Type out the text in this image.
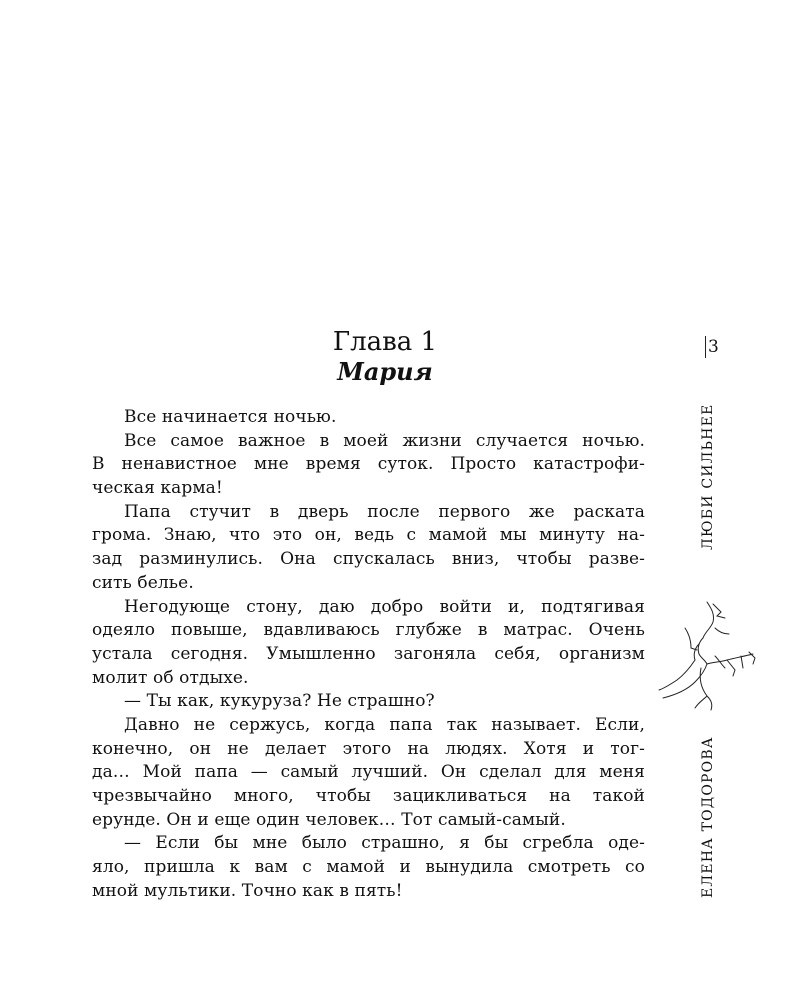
Глава 1
Мария
Все начинается ночью.
Все самое важное в моей жизни случается ночью.
В ненавистное мне время суток. Просто катастрофи-
ческая карма!
Папа стучит в дверь после первого же раската
грома. Знаю, что это он, ведь с мамой мы минуту на-
зад разминулись. Она спускалась вниз, чтобы разве-
сить белье.
Негодующе стону, даю добро войти и, подтягивая
одеяло повыше, вдавливаюсь глубже в матрас. Очень
устала сегодня. Умышленно загоняла себя, организм
молит об отдыхе.
— Ты как, кукуруза? Не страшно?
Давно не сержусь, когда папа так называет. Если,
конечно, он не делает этого на людях. Хотя и тог-
да… Мой папа — самый лучший. Он сделал для меня
чрезвычайно много, чтобы зацикливаться на такой
ерунде. Он и еще один человек… Тот самый-самый.
— Если бы мне было страшно, я бы сгребла оде-
яло, пришла к вам с мамой и вынудила смотреть со
мной мультики. Точно как в пять!
3
ЛЮБИ СИЛЬНЕЕ
ЕЛЕНА ТОДОРОВА
